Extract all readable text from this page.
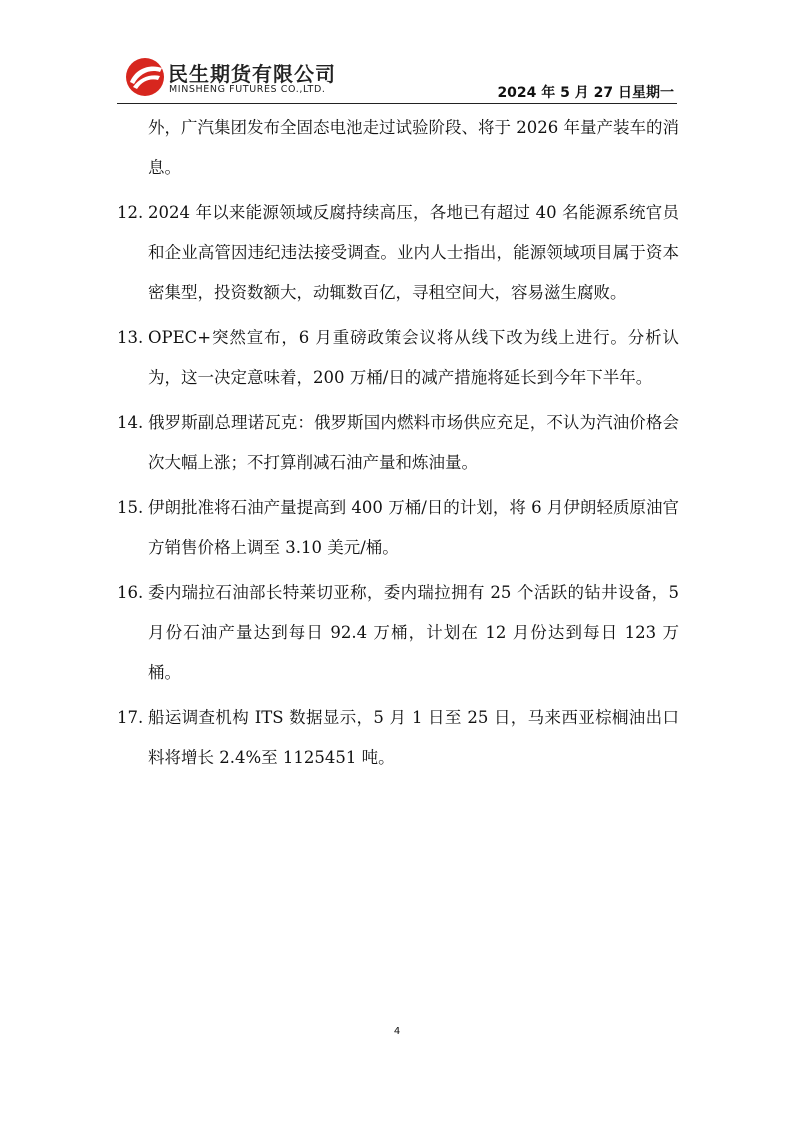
民生期货有限公司
MINSHENG FUTURES CO.,LTD.	2024 年 5 月 27 日星期一

外，广汽集团发布全固态电池走过试验阶段、将于 2026 年量产装车的消息。

12. 2024 年以来能源领域反腐持续高压，各地已有超过 40 名能源系统官员和企业高管因违纪违法接受调查。业内人士指出，能源领域项目属于资本密集型，投资数额大，动辄数百亿，寻租空间大，容易滋生腐败。

13. OPEC+突然宣布，6 月重磅政策会议将从线下改为线上进行。分析认为，这一决定意味着，200 万桶/日的减产措施将延长到今年下半年。

14. 俄罗斯副总理诺瓦克：俄罗斯国内燃料市场供应充足，不认为汽油价格会次大幅上涨；不打算削减石油产量和炼油量。

15. 伊朗批准将石油产量提高到 400 万桶/日的计划，将 6 月伊朗轻质原油官方销售价格上调至 3.10 美元/桶。

16. 委内瑞拉石油部长特莱切亚称，委内瑞拉拥有 25 个活跃的钻井设备，5 月份石油产量达到每日 92.4 万桶，计划在 12 月份达到每日 123 万桶。

17. 船运调查机构 ITS 数据显示，5 月 1 日至 25 日，马来西亚棕榈油出口料将增长 2.4%至 1125451 吨。

4
